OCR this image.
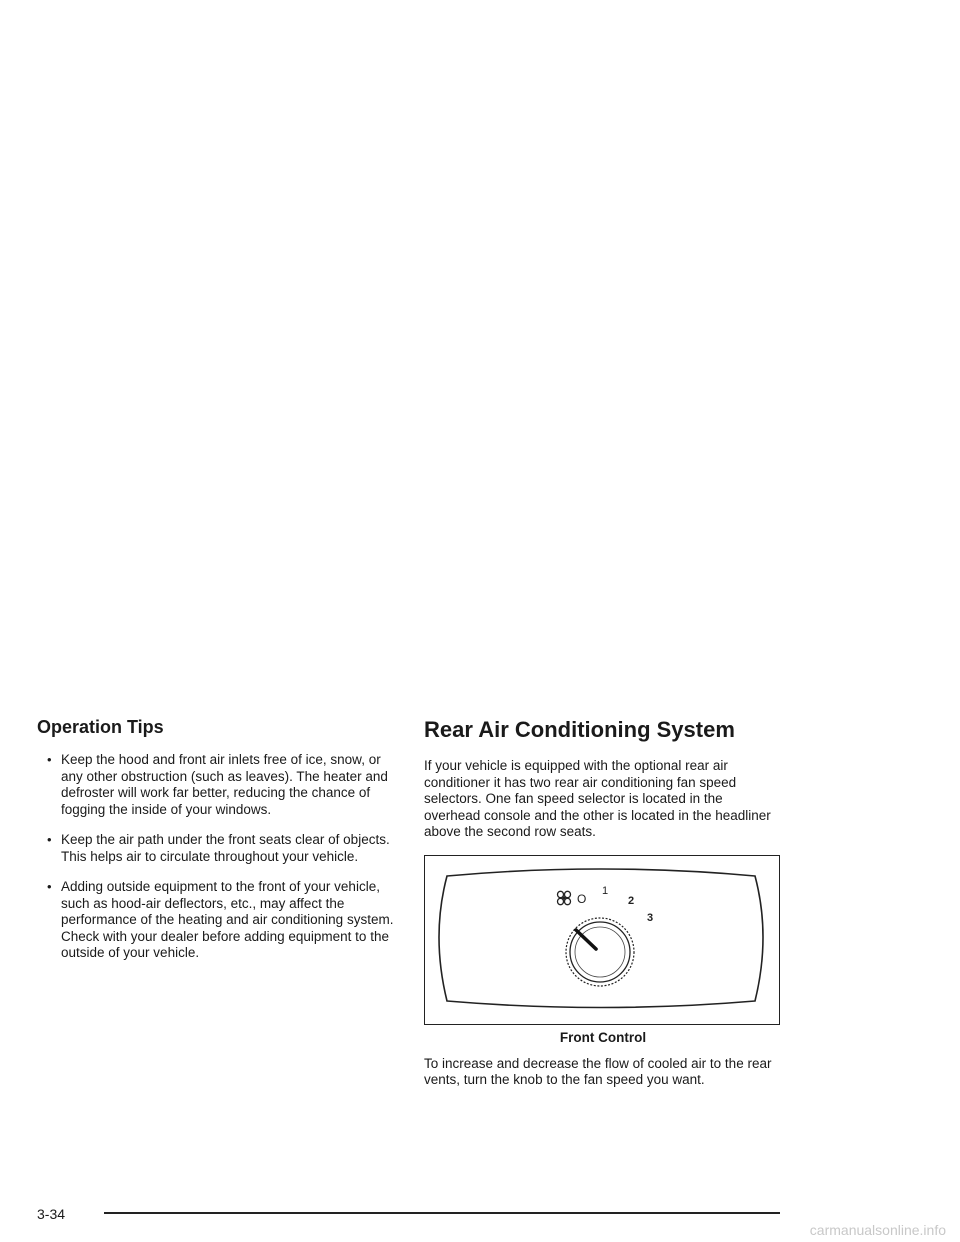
Operation Tips
• Keep the hood and front air inlets free of ice, snow, or any other obstruction (such as leaves). The heater and defroster will work far better, reducing the chance of fogging the inside of your windows.
• Keep the air path under the front seats clear of objects. This helps air to circulate throughout your vehicle.
• Adding outside equipment to the front of your vehicle, such as hood-air deflectors, etc., may affect the performance of the heating and air conditioning system. Check with your dealer before adding equipment to the outside of your vehicle.
Rear Air Conditioning System

If your vehicle is equipped with the optional rear air conditioner it has two rear air conditioning fan speed selectors. One fan speed selector is located in the overhead console and the other is located in the headliner above the second row seats.

O
1
2
3
Front Control

To increase and decrease the flow of cooled air to the rear vents, turn the knob to the fan speed you want.

3-34
carmanualsonline.info
